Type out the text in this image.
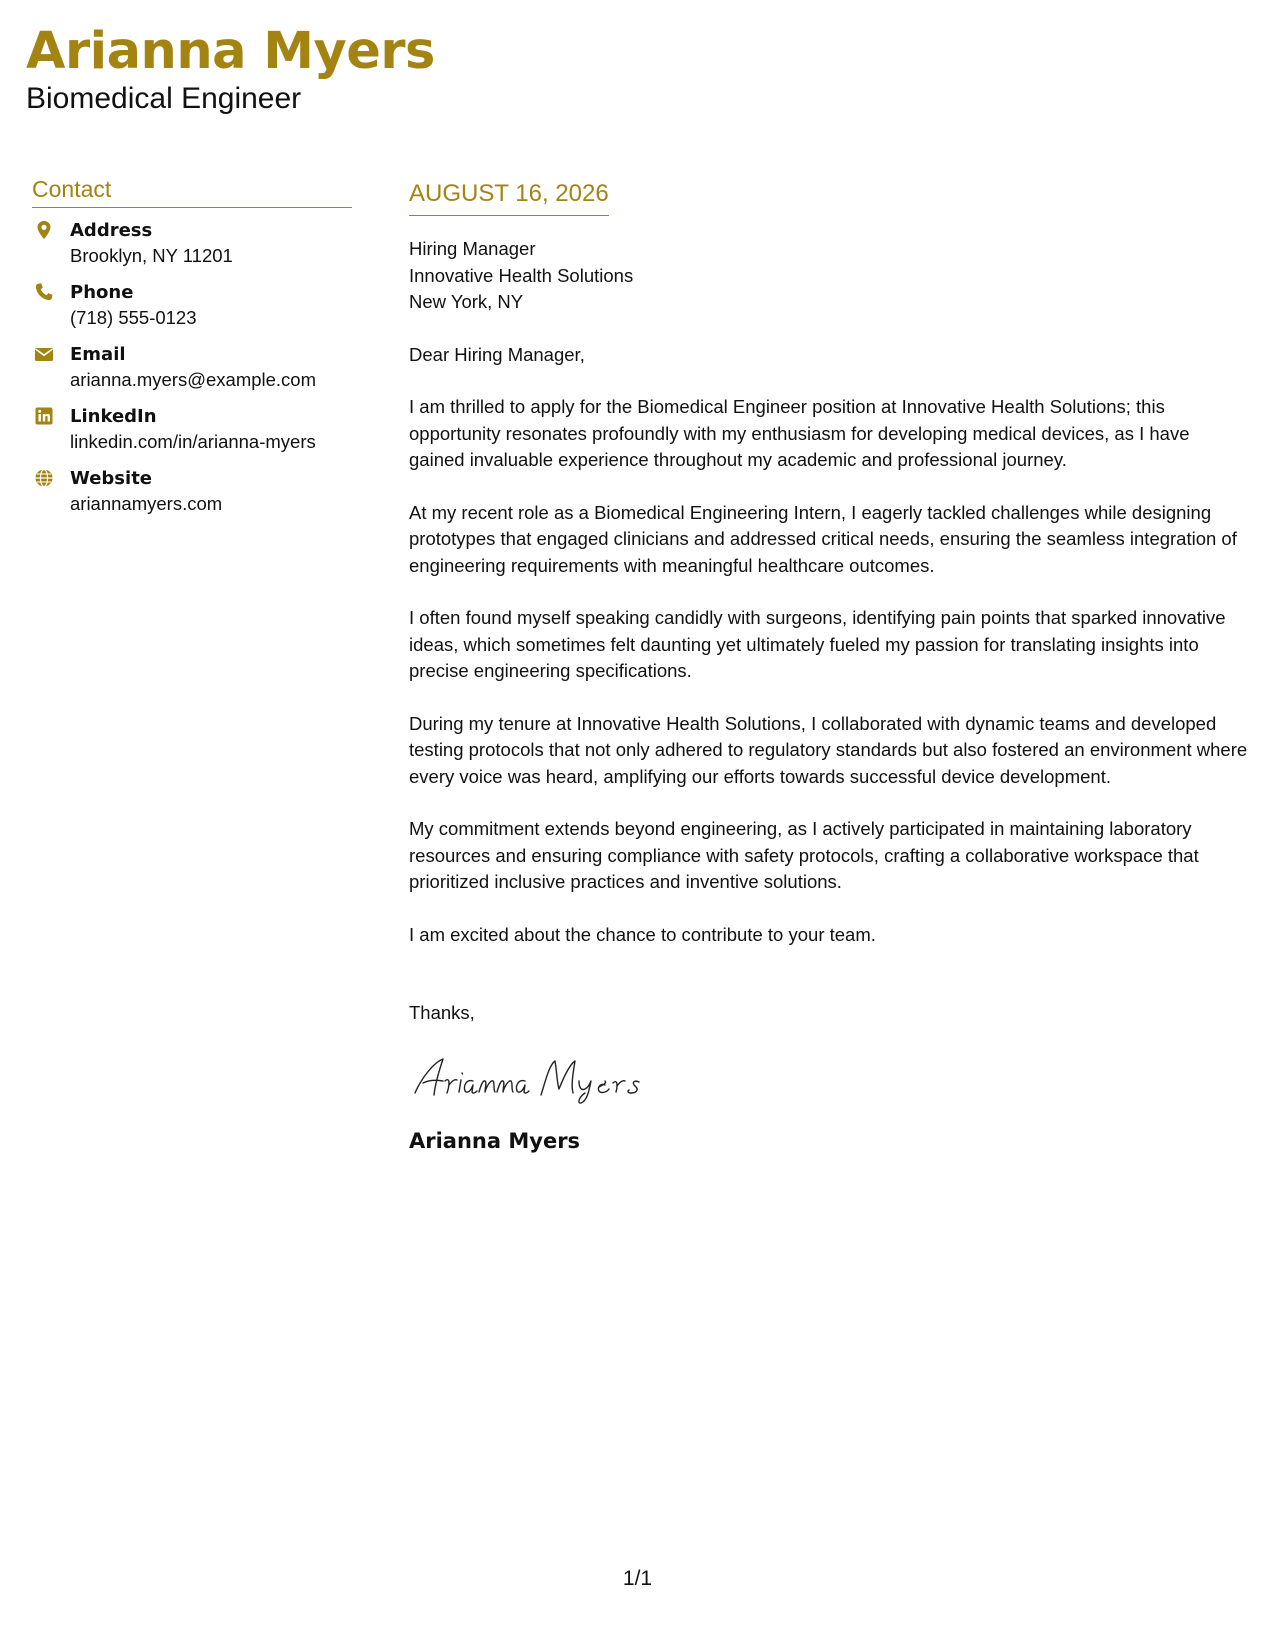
Arianna Myers
Biomedical Engineer
Contact
Address
Brooklyn, NY 11201
Phone
(718) 555-0123
Email
arianna.myers@example.com
LinkedIn
linkedin.com/in/arianna-myers
Website
ariannamyers.com
AUGUST 16, 2026
Hiring Manager
Innovative Health Solutions
New York, NY

Dear Hiring Manager,

I am thrilled to apply for the Biomedical Engineer position at Innovative Health Solutions; this opportunity resonates profoundly with my enthusiasm for developing medical devices, as I have gained invaluable experience throughout my academic and professional journey.

At my recent role as a Biomedical Engineering Intern, I eagerly tackled challenges while designing prototypes that engaged clinicians and addressed critical needs, ensuring the seamless integration of engineering requirements with meaningful healthcare outcomes.

I often found myself speaking candidly with surgeons, identifying pain points that sparked innovative ideas, which sometimes felt daunting yet ultimately fueled my passion for translating insights into precise engineering specifications.

During my tenure at Innovative Health Solutions, I collaborated with dynamic teams and developed testing protocols that not only adhered to regulatory standards but also fostered an environment where every voice was heard, amplifying our efforts towards successful device development.

My commitment extends beyond engineering, as I actively participated in maintaining laboratory resources and ensuring compliance with safety protocols, crafting a collaborative workspace that prioritized inclusive practices and inventive solutions.

I am excited about the chance to contribute to your team.

Thanks,
Arianna Myers
1/1
